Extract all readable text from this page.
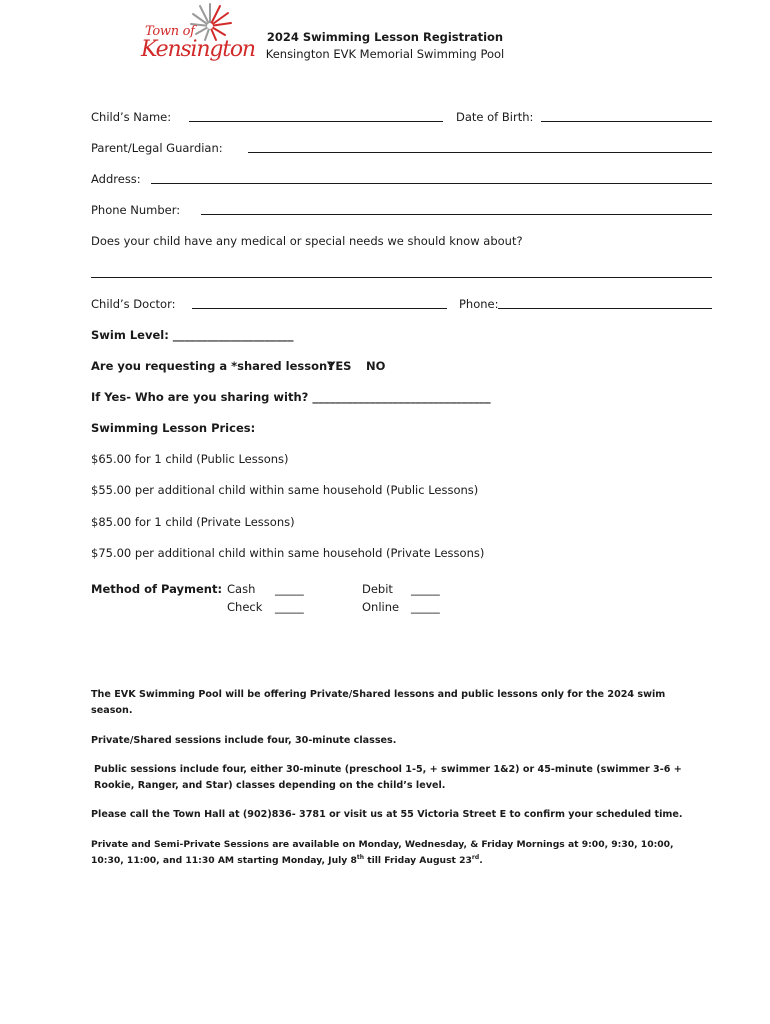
Town of
Kensington	2024 Swimming Lesson Registration
Kensington EVK Memorial Swimming Pool
Child’s Name:	Date of Birth:
Parent/Legal Guardian:
Address:
Phone Number:
Does your child have any medical or special needs we should know about?
Child’s Doctor:	Phone:
Swim Level: _____________________
Are you requesting a *shared lesson?
YES NO
If Yes- Who are you sharing with? _______________________________
Swimming Lesson Prices:
$65.00 for 1 child (Public Lessons)
$55.00 per additional child within same household (Public Lessons)
$85.00 for 1 child (Private Lessons)
$75.00 per additional child within same household (Private Lessons)
Method of Payment: Cash _____	Debit _____
Check _____	Online _____
The EVK Swimming Pool will be offering Private/Shared lessons and public lessons only for the 2024 swim season.
Private/Shared sessions include four, 30-minute classes.
Public sessions include four, either 30-minute (preschool 1-5, + swimmer 1&2) or 45-minute (swimmer 3-6 + Rookie, Ranger, and Star) classes depending on the child’s level.
Please call the Town Hall at (902)836- 3781 or visit us at 55 Victoria Street E to confirm your scheduled time.
Private and Semi-Private Sessions are available on Monday, Wednesday, & Friday Mornings at 9:00, 9:30, 10:00, 10:30, 11:00, and 11:30 AM starting Monday, July 8th till Friday August 23rd.
